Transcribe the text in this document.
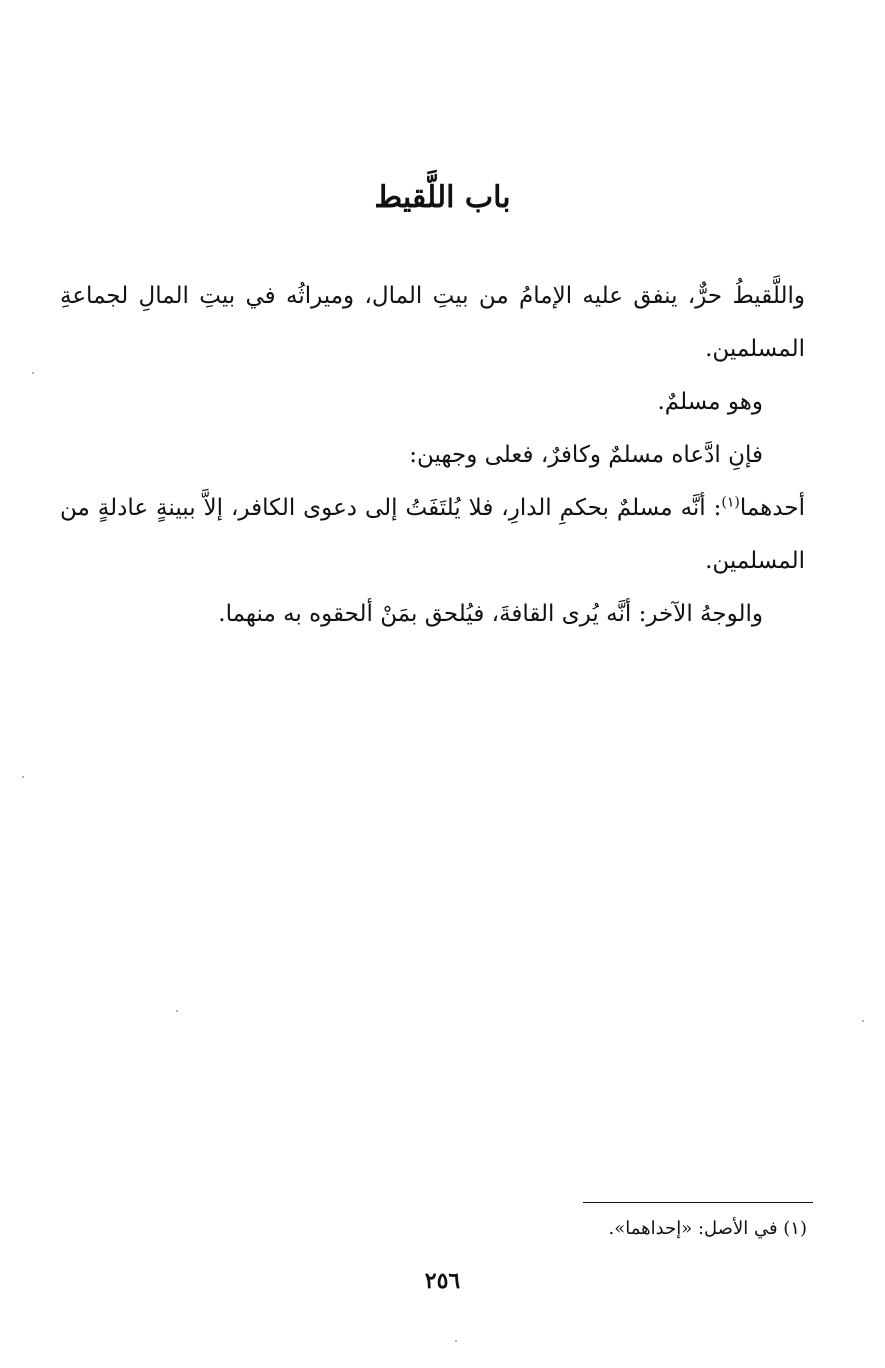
باب اللَّقيط

واللَّقيطُ حرٌّ، ينفق عليه الإمامُ من بيتِ المال، وميراثُه في بيتِ المالِ لجماعةِ المسلمين.

وهو مسلمٌ.

فإنِ ادَّعاه مسلمٌ وكافرٌ، فعلى وجهين:

أحدهما$^{(١)}$: أنَّه مسلمٌ بحكمِ الدارِ، فلا يُلتَفَتُ إلى دعوى الكافر، إلاَّ ببينةٍ عادلةٍ من المسلمين.

والوجهُ الآخر: أنَّه يُرى القافةَ، فيُلحق بمَنْ ألحقوه به منهما.

(١) في الأصل: «إحداهما».
٢٥٦
